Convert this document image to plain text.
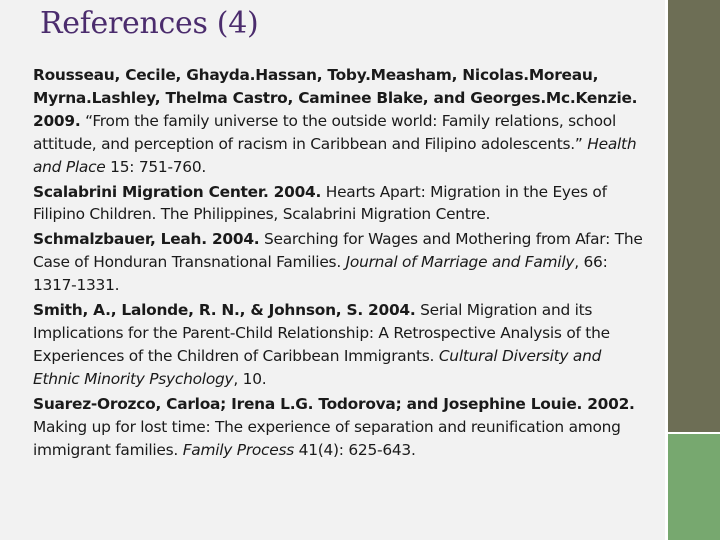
References (4)
Rousseau, Cecile, Ghayda.Hassan, Toby.Measham, Nicolas.Moreau, Myrna.Lashley, Thelma Castro, Caminee Blake, and Georges.Mc.Kenzie. 2009. “From the family universe to the outside world: Family relations, school attitude, and perception of racism in Caribbean and Filipino adolescents.” Health and Place 15: 751-760.
Scalabrini Migration Center. 2004. Hearts Apart: Migration in the Eyes of Filipino Children. The Philippines, Scalabrini Migration Centre.
Schmalzbauer, Leah. 2004. Searching for Wages and Mothering from Afar: The Case of Honduran Transnational Families. Journal of Marriage and Family, 66: 1317-1331.
Smith, A., Lalonde, R. N., & Johnson, S. 2004. Serial Migration and its Implications for the Parent-Child Relationship: A Retrospective Analysis of the Experiences of the Children of Caribbean Immigrants. Cultural Diversity and Ethnic Minority Psychology, 10.
Suarez-Orozco, Carloa; Irena L.G. Todorova; and Josephine Louie. 2002. Making up for lost time: The experience of separation and reunification among immigrant families. Family Process 41(4): 625-643.
